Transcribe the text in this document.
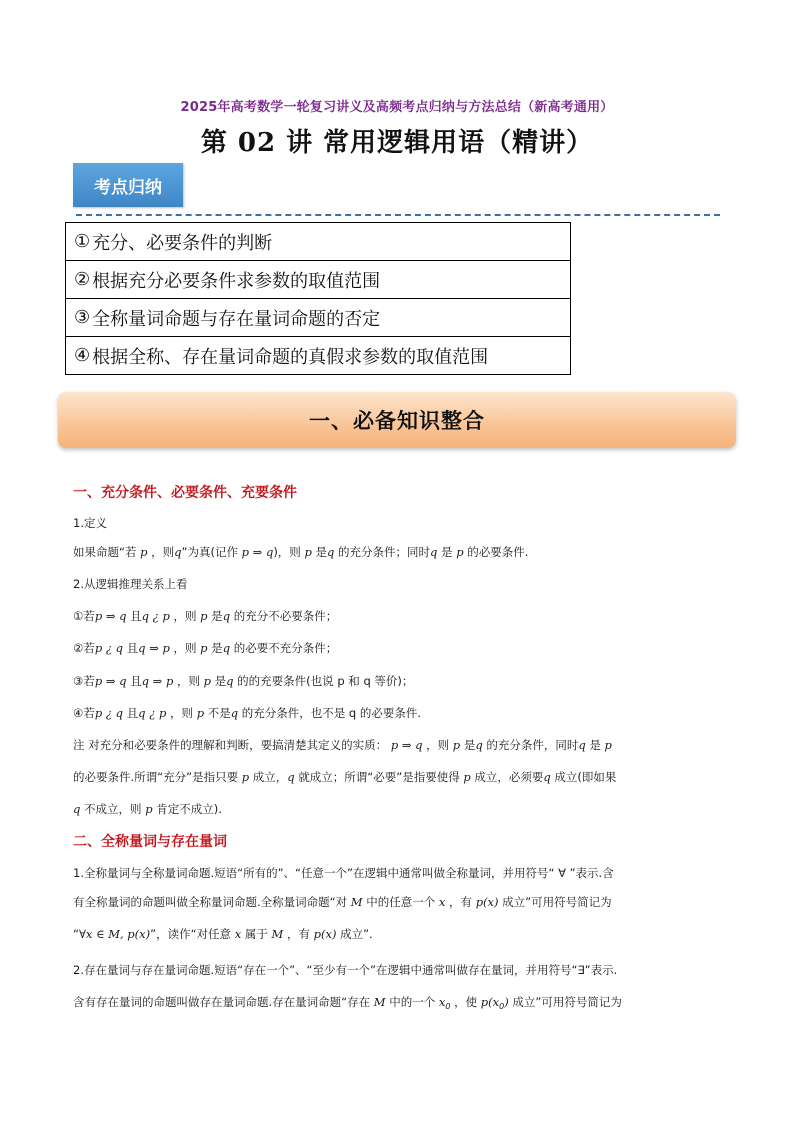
2025年高考数学一轮复习讲义及高频考点归纳与方法总结（新高考通用）
第 02 讲 常用逻辑用语（精讲）
考点归纳
① 充分、必要条件的判断
② 根据充分必要条件求参数的取值范围
③ 全称量词命题与存在量词命题的否定
④ 根据全称、存在量词命题的真假求参数的取值范围
一、必备知识整合
一、充分条件、必要条件、充要条件
1.定义
如果命题“若 p ，则q”为真(记作 p ⇒ q)，则 p 是q 的充分条件；同时q 是 p 的必要条件.
2.从逻辑推理关系上看
①若p ⇒ q 且q ¿ p ，则 p 是q 的充分不必要条件；
②若p ¿ q 且q ⇒ p ，则 p 是q 的必要不充分条件；
③若p ⇒ q 且q ⇒ p ，则 p 是q 的的充要条件(也说 p 和 q 等价)；
④若p ¿ q 且q ¿ p ，则 p 不是q 的充分条件，也不是 q 的必要条件.
注 对充分和必要条件的理解和判断，要搞清楚其定义的实质： p ⇒ q ，则 p 是q 的充分条件，同时q 是 p
的必要条件.所谓“充分”是指只要 p 成立，q 就成立；所谓“必要”是指要使得 p 成立，必须要q 成立(即如果
q 不成立，则 p 肯定不成立).
二、全称量词与存在量词
1.全称量词与全称量词命题.短语“所有的”、“任意一个”在逻辑中通常叫做全称量词，并用符号“ ∀ ”表示.含
有全称量词的命题叫做全称量词命题.全称量词命题“对 M 中的任意一个 x ，有 p(x) 成立”可用符号简记为
“∀x ∈ M, p(x)”，读作“对任意 x 属于 M ，有 p(x) 成立”.
2.存在量词与存在量词命题.短语“存在一个”、“至少有一个”在逻辑中通常叫做存在量词，并用符号“∃”表示.
含有存在量词的命题叫做存在量词命题.存在量词命题“存在 M 中的一个 $x_0$ ，使 $p(x_0)$ 成立”可用符号简记为
